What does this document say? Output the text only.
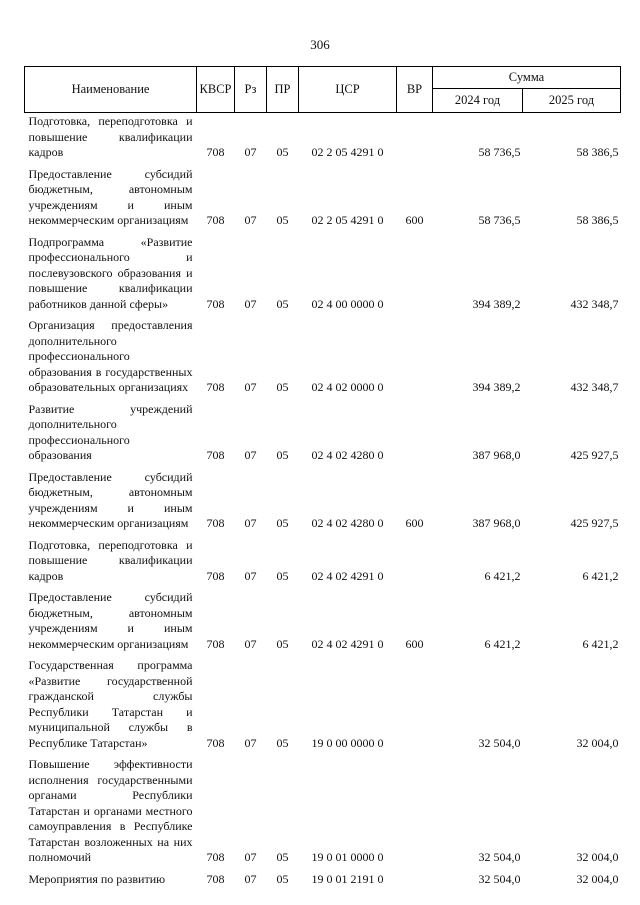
306
Наименование	КВСР	Рз	ПР	ЦСР	ВР	Сумма	
						2024 год	2025 год
Подготовка, переподготовка и повышение квалификации кадров	708	07	05	02 2 05 4291 0		58 736,5	58 386,5
Предоставление субсидий бюджетным, автономным учреждениям и иным некоммерческим организациям	708	07	05	02 2 05 4291 0	600	58 736,5	58 386,5
Подпрограмма «Развитие профессионального и послевузовского образования и повышение квалификации работников данной сферы»	708	07	05	02 4 00 0000 0		394 389,2	432 348,7
Организация предоставления дополнительного профессионального образования в государственных образовательных организациях	708	07	05	02 4 02 0000 0		394 389,2	432 348,7
Развитие учреждений дополнительного профессионального образования	708	07	05	02 4 02 4280 0		387 968,0	425 927,5
Предоставление субсидий бюджетным, автономным учреждениям и иным некоммерческим организациям	708	07	05	02 4 02 4280 0	600	387 968,0	425 927,5
Подготовка, переподготовка и повышение квалификации кадров	708	07	05	02 4 02 4291 0		6 421,2	6 421,2
Предоставление субсидий бюджетным, автономным учреждениям и иным некоммерческим организациям	708	07	05	02 4 02 4291 0	600	6 421,2	6 421,2
Государственная программа «Развитие государственной гражданской службы Республики Татарстан и муниципальной службы в Республике Татарстан»	708	07	05	19 0 00 0000 0		32 504,0	32 004,0
Повышение эффективности исполнения государственными органами Республики Татарстан и органами местного самоуправления в Республике Татарстан возложенных на них полномочий	708	07	05	19 0 01 0000 0		32 504,0	32 004,0
Мероприятия по развитию	708	07	05	19 0 01 2191 0		32 504,0	32 004,0
